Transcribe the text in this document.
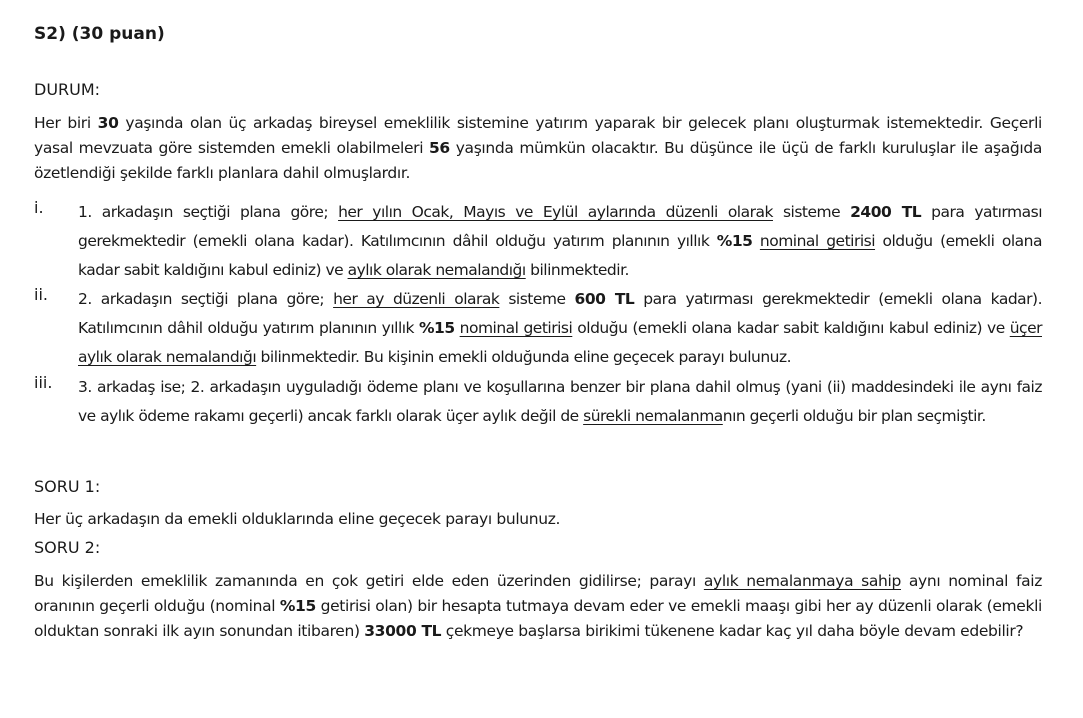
S2) (30 puan)
DURUM:
Her biri 30 yaşında olan üç arkadaş bireysel emeklilik sistemine yatırım yaparak bir gelecek planı oluşturmak istemektedir. Geçerli yasal mevzuata göre sistemden emekli olabilmeleri 56 yaşında mümkün olacaktır. Bu düşünce ile üçü de farklı kuruluşlar ile aşağıda özetlendiği şekilde farklı planlara dahil olmuşlardır.
i.	1. arkadaşın seçtiği plana göre; her yılın Ocak, Mayıs ve Eylül aylarında düzenli olarak sisteme 2400 TL para yatırması gerekmektedir (emekli olana kadar). Katılımcının dâhil olduğu yatırım planının yıllık %15 nominal getirisi olduğu (emekli olana kadar sabit kaldığını kabul ediniz) ve aylık olarak nemalandığı bilinmektedir.
ii.	2. arkadaşın seçtiği plana göre; her ay düzenli olarak sisteme 600 TL para yatırması gerekmektedir (emekli olana kadar). Katılımcının dâhil olduğu yatırım planının yıllık %15 nominal getirisi olduğu (emekli olana kadar sabit kaldığını kabul ediniz) ve üçer aylık olarak nemalandığı bilinmektedir. Bu kişinin emekli olduğunda eline geçecek parayı bulunuz.
iii.	3. arkadaş ise; 2. arkadaşın uyguladığı ödeme planı ve koşullarına benzer bir plana dahil olmuş (yani (ii) maddesindeki ile aynı faiz ve aylık ödeme rakamı geçerli) ancak farklı olarak üçer aylık değil de sürekli nemalanmanın geçerli olduğu bir plan seçmiştir.
SORU 1:
Her üç arkadaşın da emekli olduklarında eline geçecek parayı bulunuz.
SORU 2:
Bu kişilerden emeklilik zamanında en çok getiri elde eden üzerinden gidilirse; parayı aylık nemalanmaya sahip aynı nominal faiz oranının geçerli olduğu (nominal %15 getirisi olan) bir hesapta tutmaya devam eder ve emekli maaşı gibi her ay düzenli olarak (emekli olduktan sonraki ilk ayın sonundan itibaren) 33000 TL çekmeye başlarsa birikimi tükenene kadar kaç yıl daha böyle devam edebilir?
